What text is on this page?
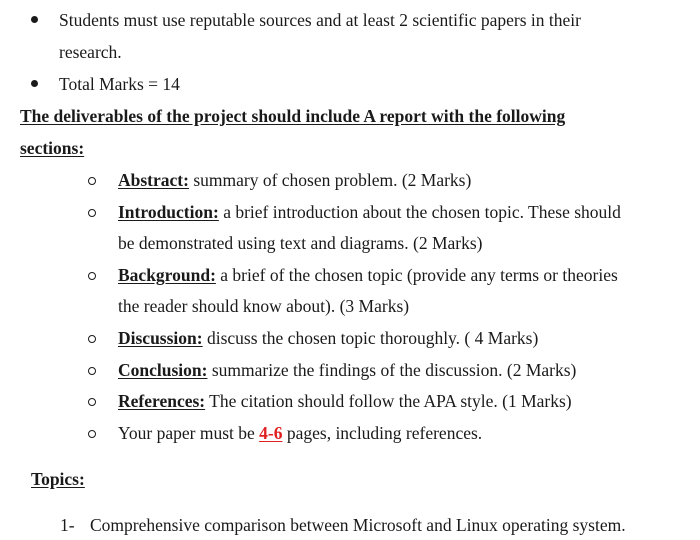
Students must use reputable sources and at least 2 scientific papers in their
research.
Total Marks = 14
The deliverables of the project should include A report with the following
sections:
Abstract: summary of chosen problem. (2 Marks)
Introduction: a brief introduction about the chosen topic. These should
be demonstrated using text and diagrams. (2 Marks)
Background: a brief of the chosen topic (provide any terms or theories
the reader should know about). (3 Marks)
Discussion: discuss the chosen topic thoroughly. ( 4 Marks)
Conclusion: summarize the findings of the discussion. (2 Marks)
References: The citation should follow the APA style. (1 Marks)
Your paper must be 4-6 pages, including references.
Topics:
1- Comprehensive comparison between Microsoft and Linux operating system.
